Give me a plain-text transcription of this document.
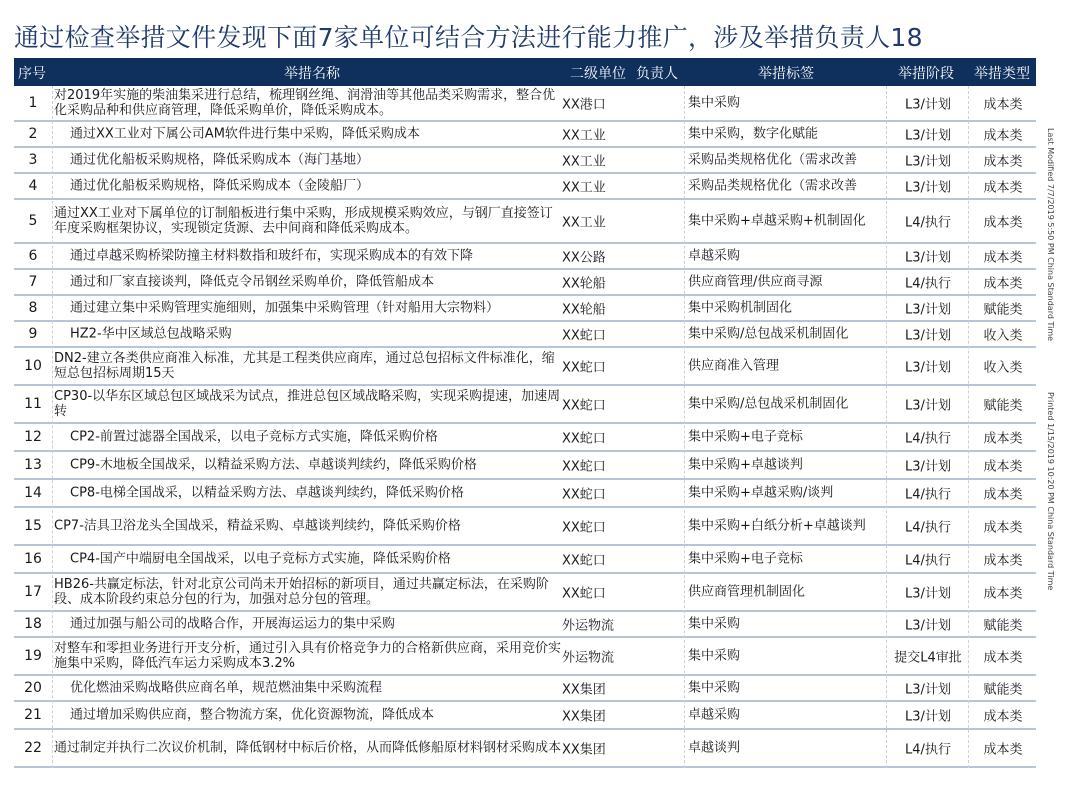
通过检查举措文件发现下面7家单位可结合方法进行能力推广，涉及举措负责人18
序号	举措名称	二级单位 负责人	举措标签	举措阶段 举措类型
1	对2019年实施的柴油集采进行总结，梳理钢丝绳、润滑油等其他品类采购需求，整合优化采购品种和供应商管理，降低采购单价，降低采购成本。	XX港口	集中采购	L3/计划	成本类
2	通过XX工业对下属公司AM软件进行集中采购，降低采购成本	XX工业	集中采购，数字化赋能	L3/计划	成本类
3	通过优化船板采购规格，降低采购成本（海门基地）	XX工业	采购品类规格优化（需求改善	L3/计划	成本类
4	通过优化船板采购规格，降低采购成本（金陵船厂）	XX工业	采购品类规格优化（需求改善	L3/计划	成本类
5	通过XX工业对下属单位的订制船板进行集中采购，形成规模采购效应，与钢厂直接签订年度采购框架协议，实现锁定货源、去中间商和降低采购成本。	XX工业	集中采购+卓越采购+机制固化	L4/执行	成本类
6	通过卓越采购桥梁防撞主材料数指和玻纤布，实现采购成本的有效下降	XX公路	卓越采购	L3/计划	成本类
7	通过和厂家直接谈判，降低克令吊钢丝采购单价，降低管船成本	XX轮船	供应商管理/供应商寻源	L4/执行	成本类
8	通过建立集中采购管理实施细则，加强集中采购管理（针对船用大宗物料）	XX轮船	集中采购机制固化	L3/计划	赋能类
9	HZ2-华中区域总包战略采购	XX蛇口	集中采购/总包战采机制固化	L3/计划	收入类
10 DN2-建立各类供应商准入标准，尤其是工程类供应商库，通过总包招标文件标准化，缩短总包招标周期15天	XX蛇口	供应商准入管理	L3/计划	收入类
11 CP30-以华东区域总包区域战采为试点，推进总包区域战略采购，实现采购提速，加速周转	XX蛇口	集中采购/总包战采机制固化	L3/计划	赋能类
12	CP2-前置过滤器全国战采，以电子竞标方式实施，降低采购价格	XX蛇口	集中采购+电子竞标	L4/执行	成本类
13	CP9-木地板全国战采，以精益采购方法、卓越谈判续约，降低采购价格	XX蛇口	集中采购+卓越谈判	L3/计划	成本类
14	CP8-电梯全国战采，以精益采购方法、卓越谈判续约，降低采购价格	XX蛇口	集中采购+卓越采购/谈判	L4/执行	成本类
15 CP7-洁具卫浴龙头全国战采，精益采购、卓越谈判续约，降低采购价格	XX蛇口	集中采购+白纸分析+卓越谈判	L4/执行	成本类
16	CP4-国产中端厨电全国战采，以电子竞标方式实施，降低采购价格	XX蛇口	集中采购+电子竞标	L4/执行	成本类
17 HB26-共赢定标法，针对北京公司尚未开始招标的新项目，通过共赢定标法，在采购阶段、成本阶段约束总分包的行为，加强对总分包的管理。	XX蛇口	供应商管理机制固化	L3/计划	成本类
18	通过加强与船公司的战略合作，开展海运运力的集中采购	外运物流	集中采购	L3/计划	赋能类
19 对整车和零担业务进行开支分析，通过引入具有价格竞争力的合格新供应商，采用竞价实施集中采购，降低汽车运力采购成本3.2%	外运物流	集中采购	提交L4审批	成本类
20	优化燃油采购战略供应商名单，规范燃油集中采购流程	XX集团	集中采购	L3/计划	赋能类
21	通过增加采购供应商，整合物流方案，优化资源物流，降低成本	XX集团	卓越采购	L3/计划	成本类
22 通过制定并执行二次议价机制，降低钢材中标后价格，从而降低修船原材料钢材采购成本 XX集团	卓越谈判	L4/执行	成本类
Last Modified 7/7/2019 5:50 PM China Standard Time
Printed 1/15/2019 10:20 PM China Standard Time
